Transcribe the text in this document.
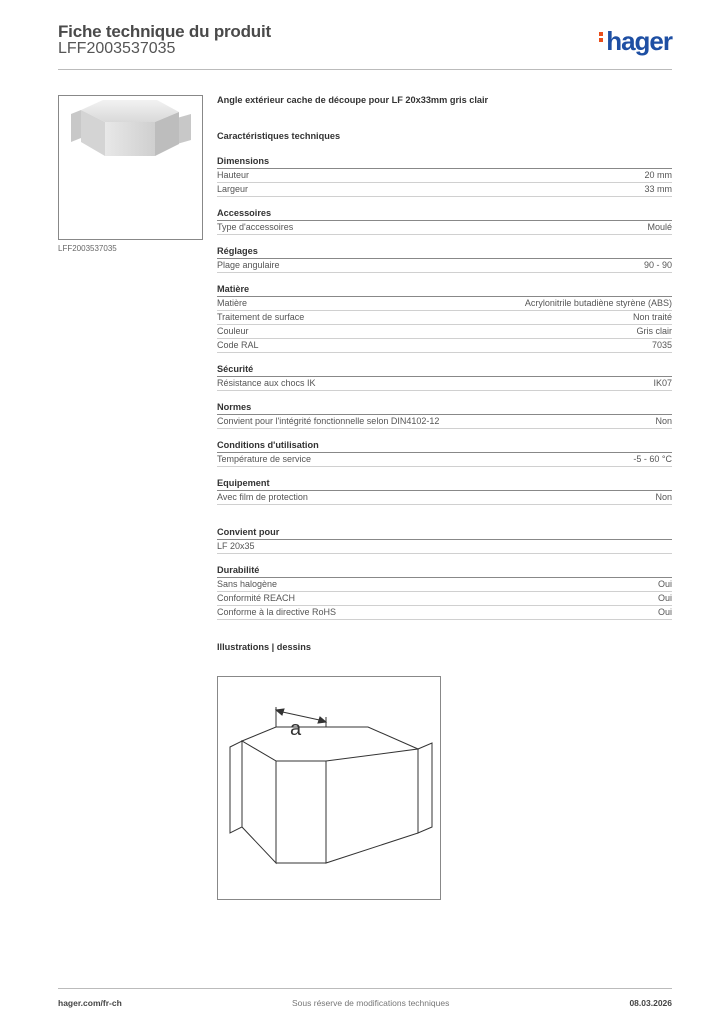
Fiche technique du produit
LFF2003537035	hager
LFF2003537035
Angle extérieur cache de découpe pour LF 20x33mm gris clair
Caractéristiques techniques
Dimensions
Hauteur	20 mm
Largeur	33 mm
Accessoires
Type d'accessoires	Moulé
Réglages
Plage angulaire	90 - 90
Matière
Matière	Acrylonitrile butadiène styrène (ABS)
Traitement de surface	Non traité
Couleur	Gris clair
Code RAL	7035
Sécurité
Résistance aux chocs IK	IK07
Normes
Convient pour l'intégrité fonctionnelle selon DIN4102-12	Non
Conditions d'utilisation
Température de service	-5 - 60 °C
Equipement
Avec film de protection	Non
Convient pour
LF 20x35
Durabilité
Sans halogène	Oui
Conformité REACH	Oui
Conforme à la directive RoHS	Oui
Illustrations | dessins
a
hager.com/fr-ch	Sous réserve de modifications techniques	08.03.2026
